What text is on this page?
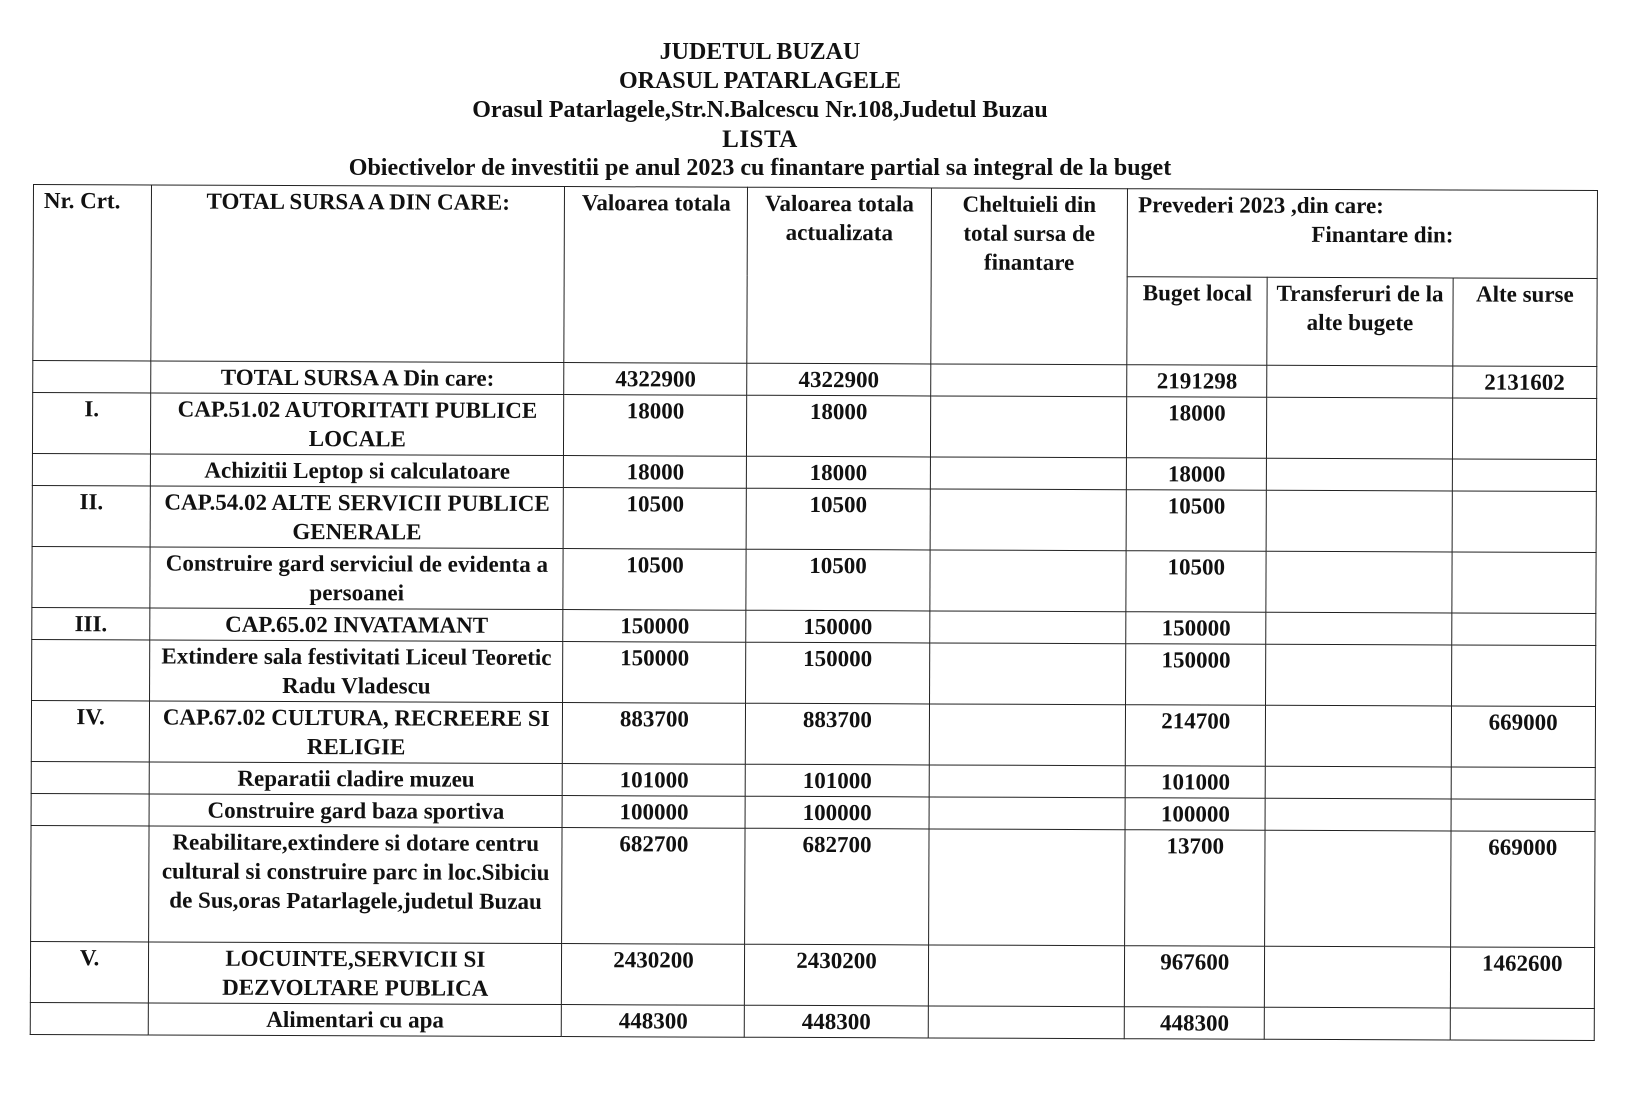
JUDETUL BUZAU
ORASUL PATARLAGELE
Orasul Patarlagele,Str.N.Balcescu Nr.108,Judetul Buzau
LISTA
Obiectivelor de investitii pe anul 2023 cu finantare partial sa integral de la buget
Nr. Crt.	TOTAL SURSA A DIN CARE:	Valoarea totala	Valoarea totala actualizata	Cheltuieli din total sursa de finantare	Prevederi 2023 ,din care:
Finantare din:		

					Buget local	Transferuri de la alte bugete	Alte surse
	TOTAL SURSA A Din care:	4322900	4322900		2191298		2131602
I.	CAP.51.02 AUTORITATI PUBLICE LOCALE	18000	18000		18000		
	Achizitii Leptop si calculatoare	18000	18000		18000		
II.	CAP.54.02 ALTE SERVICII PUBLICE GENERALE	10500	10500		10500		
	Construire gard serviciul de evidenta a persoanei	10500	10500		10500		
III.	CAP.65.02 INVATAMANT	150000	150000		150000		
	Extindere sala festivitati Liceul Teoretic Radu Vladescu	150000	150000		150000		
IV.	CAP.67.02 CULTURA, RECREERE SI RELIGIE	883700	883700		214700		669000
	Reparatii cladire muzeu	101000	101000		101000		
	Construire gard baza sportiva	100000	100000		100000		
	Reabilitare,extindere si dotare centru cultural si construire parc in loc.Sibiciu de Sus,oras Patarlagele,judetul Buzau	682700	682700		13700		669000
V.	LOCUINTE,SERVICII SI DEZVOLTARE PUBLICA	2430200	2430200		967600		1462600
	Alimentari cu apa	448300	448300		448300		
